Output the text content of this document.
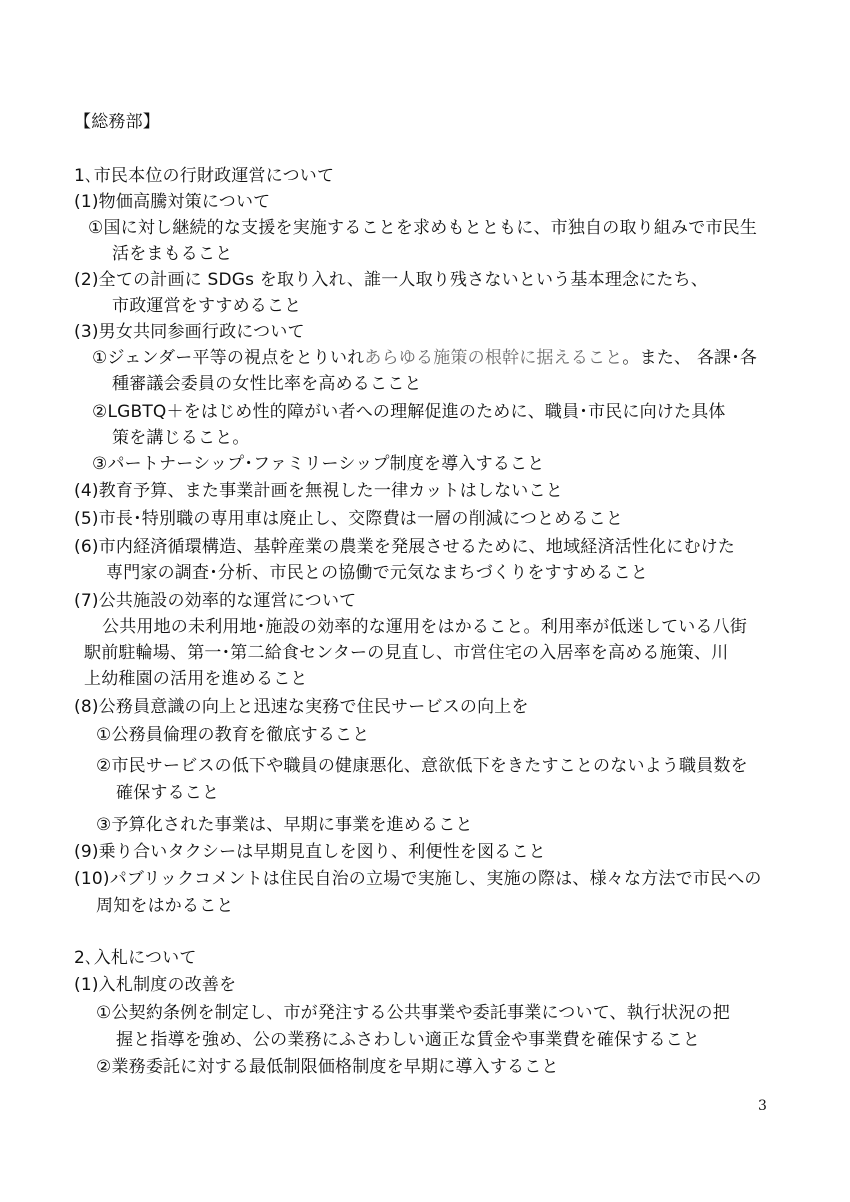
【総務部】

1､市民本位の行財政運営について

(1)物価高騰対策について

①国に対し継続的な支援を実施することを求めもとともに、市独自の取り組みで市民生

活をまもること

(2)全ての計画に SDGs を取り入れ、誰一人取り残さないという基本理念にたち、

市政運営をすすめること

(3)男女共同参画行政について

①ジェンダー平等の視点をとりいれあらゆる施策の根幹に据えること。また、 各課･各

種審議会委員の女性比率を高めるここと

②LGBTQ＋をはじめ性的障がい者への理解促進のために、職員･市民に向けた具体

策を講じること。

③パートナーシップ･ファミリーシップ制度を導入すること

(4)教育予算、また事業計画を無視した一律カットはしないこと

(5)市長･特別職の専用車は廃止し、交際費は一層の削減につとめること

(6)市内経済循環構造、基幹産業の農業を発展させるために、地域経済活性化にむけた

専門家の調査･分析、市民との協働で元気なまちづくりをすすめること

(7)公共施設の効率的な運営について

公共用地の未利用地･施設の効率的な運用をはかること。利用率が低迷している八街

駅前駐輪場、第一･第二給食センターの見直し、市営住宅の入居率を高める施策、川

上幼稚園の活用を進めること

(8)公務員意識の向上と迅速な実務で住民サービスの向上を

①公務員倫理の教育を徹底すること

②市民サービスの低下や職員の健康悪化、意欲低下をきたすことのないよう職員数を

確保すること

③予算化された事業は、早期に事業を進めること

(9)乗り合いタクシーは早期見直しを図り、利便性を図ること

(10)パブリックコメントは住民自治の立場で実施し、実施の際は、様々な方法で市民への

周知をはかること

2､入札について

(1)入札制度の改善を

①公契約条例を制定し、市が発注する公共事業や委託事業について、執行状況の把

握と指導を強め、公の業務にふさわしい適正な賃金や事業費を確保すること

②業務委託に対する最低制限価格制度を早期に導入すること

3
